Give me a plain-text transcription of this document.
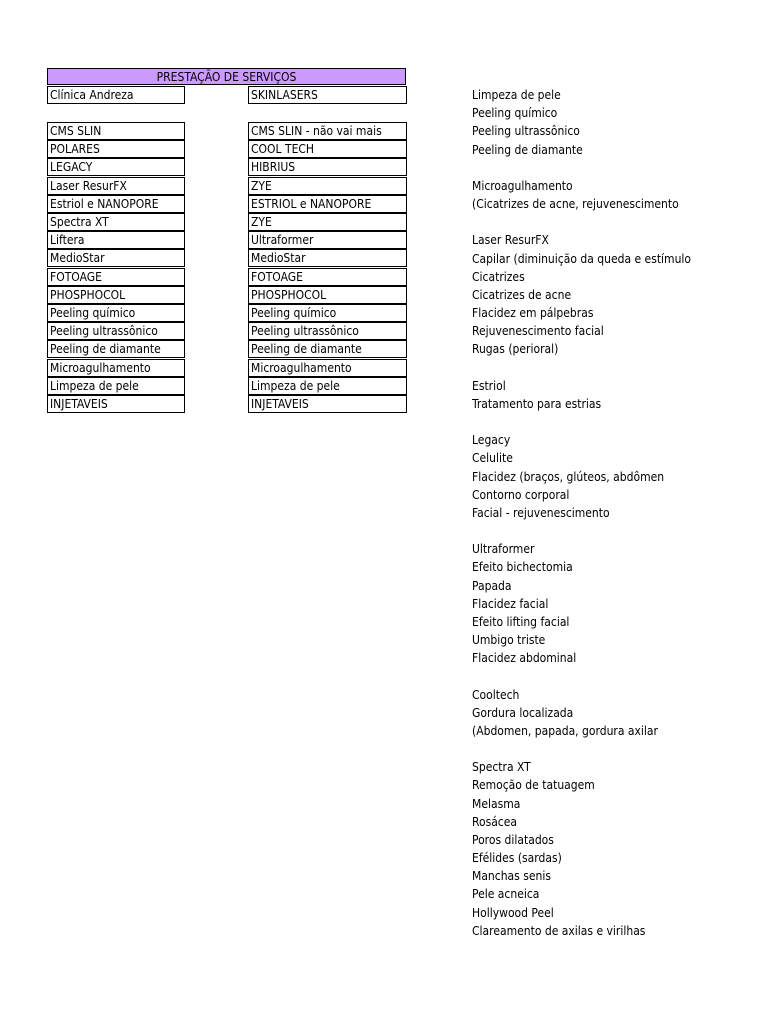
PRESTAÇÃO DE SERVIÇOS
Clínica Andreza	SKINLASERS
CMS SLIN
POLARES
LEGACY
Laser ResurFX
Estriol e NANOPORE
Spectra XT
Liftera
MedioStar
FOTOAGE
PHOSPHOCOL
Peeling químico
Peeling ultrassônico
Peeling de diamante
Microagulhamento
Limpeza de pele
INJETAVEIS
CMS SLIN - não vai mais
COOL TECH
HIBRIUS
ZYE
ESTRIOL e NANOPORE
ZYE
Ultraformer
MedioStar
FOTOAGE
PHOSPHOCOL
Peeling químico
Peeling ultrassônico
Peeling de diamante
Microagulhamento
Limpeza de pele
INJETAVEIS
Limpeza de pele
Peeling químico
Peeling ultrassônico
Peeling de diamante
Microagulhamento
(Cicatrizes de acne, rejuvenescimento
Laser ResurFX
Capilar (diminuição da queda e estímulo
Cicatrizes
Cicatrizes de acne
Flacidez em pálpebras
Rejuvenescimento facial
Rugas (perioral)
Estriol
Tratamento para estrias
Legacy
Celulite
Flacidez (braços, glúteos, abdômen
Contorno corporal
Facial - rejuvenescimento
Ultraformer
Efeito bichectomia
Papada
Flacidez facial
Efeito lifting facial
Umbigo triste
Flacidez abdominal
Cooltech
Gordura localizada
(Abdomen, papada, gordura axilar
Spectra XT
Remoção de tatuagem
Melasma
Rosácea
Poros dilatados
Efélides (sardas)
Manchas senis
Pele acneica
Hollywood Peel
Clareamento de axilas e virilhas
